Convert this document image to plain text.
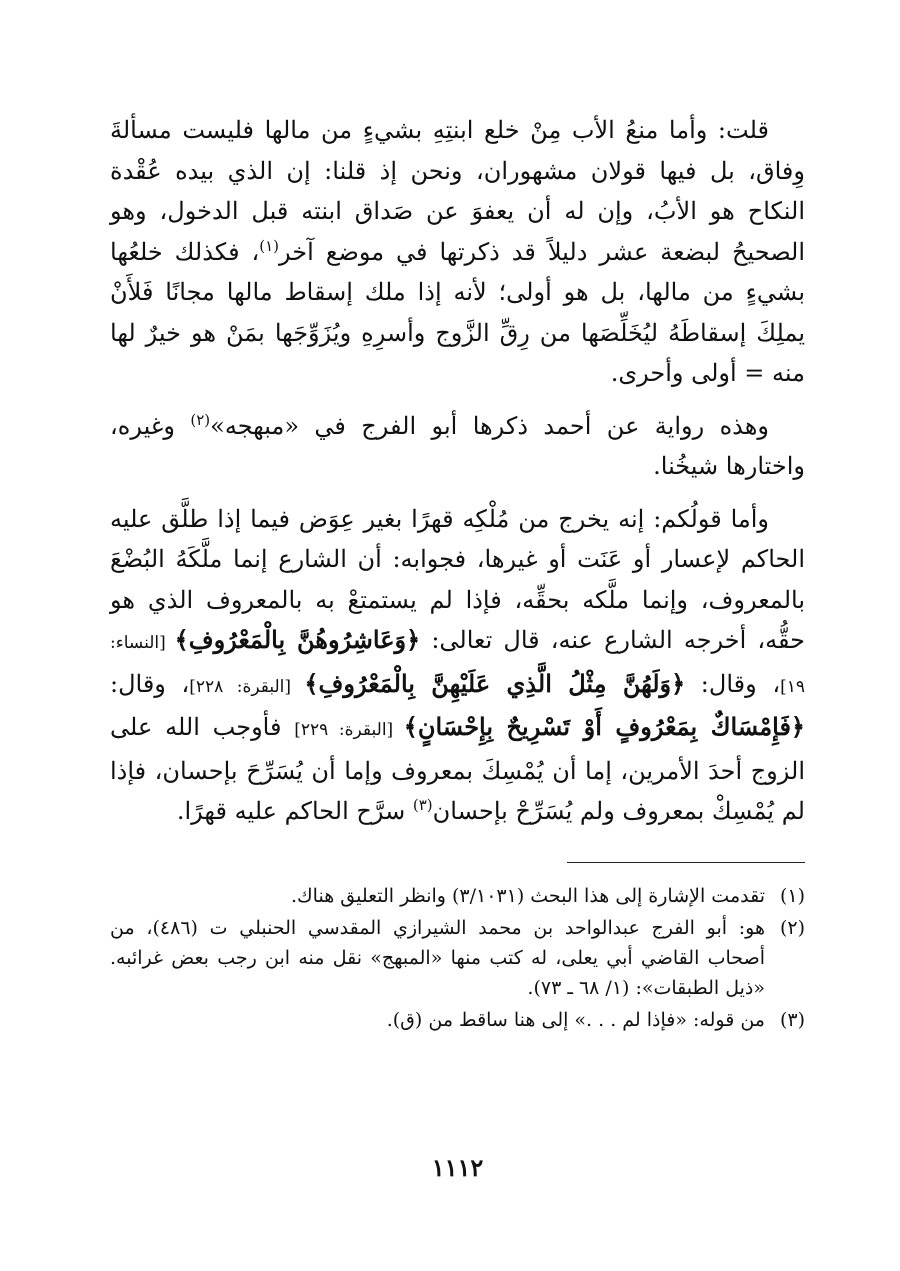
قلت: وأما منعُ الأب مِنْ خلع ابنتِهِ بشيءٍ من مالها فليست مسألةَ وِفاق، بل فيها قولان مشهوران، ونحن إذ قلنا: إن الذي بيده عُقْدة النكاح هو الأبُ، وإن له أن يعفوَ عن صَداق ابنته قبل الدخول، وهو الصحيحُ لبضعة عشر دليلاً قد ذكرتها في موضع آخر$^{(١)}$، فكذلك خلعُها بشيءٍ من مالها، بل هو أولى؛ لأنه إذا ملك إسقاط مالها مجانًا فَلأَنْ يملِكَ إسقاطَهُ ليُخَلِّصَها من رِقِّ الزَّوج وأسرِهِ ويُزَوِّجَها بمَنْ هو خيرٌ لها منه = أولى وأحرى.

وهذه رواية عن أحمد ذكرها أبو الفرج في «مبهجه»$^{(٢)}$ وغيره، واختارها شيخُنا.

وأما قولُكم: إنه يخرج من مُلْكِه قهرًا بغير عِوَض فيما إذا طلَّق عليه الحاكم لإعسار أو عَنَت أو غيرها، فجوابه: أن الشارع إنما ملَّكَهُ البُضْعَ بالمعروف، وإنما ملَّكه بحقِّه، فإذا لم يستمتعْ به بالمعروف الذي هو حقُّه، أخرجه الشارع عنه، قال تعالى: ﴿وَعَاشِرُوهُنَّ بِالْمَعْرُوفِ﴾ [النساء: ١٩]، وقال: ﴿وَلَهُنَّ مِثْلُ الَّذِي عَلَيْهِنَّ بِالْمَعْرُوفِ﴾ [البقرة: ٢٢٨]، وقال: ﴿فَإِمْسَاكٌ بِمَعْرُوفٍ أَوْ تَسْرِيحٌ بِإِحْسَانٍ﴾ [البقرة: ٢٢٩] فأوجب الله على الزوج أحدَ الأمرين، إما أن يُمْسِكَ بمعروف وإما أن يُسَرِّحَ بإحسان، فإذا لم يُمْسِكْ بمعروف ولم يُسَرِّحْ بإحسان$^{(٣)}$ سرَّح الحاكم عليه قهرًا.

(١)
تقدمت الإشارة إلى هذا البحث (٣/١٠٣١) وانظر التعليق هناك.
(٢)
هو: أبو الفرج عبدالواحد بن محمد الشيرازي المقدسي الحنبلي ت (٤٨٦)، من أصحاب القاضي أبي يعلى، له كتب منها «المبهج» نقل منه ابن رجب بعض غرائبه. «ذيل الطبقات»: (١/ ٦٨ ـ ٧٣).
(٣)
من قوله: «فإذا لم . . .» إلى هنا ساقط من (ق).
١١١٢
